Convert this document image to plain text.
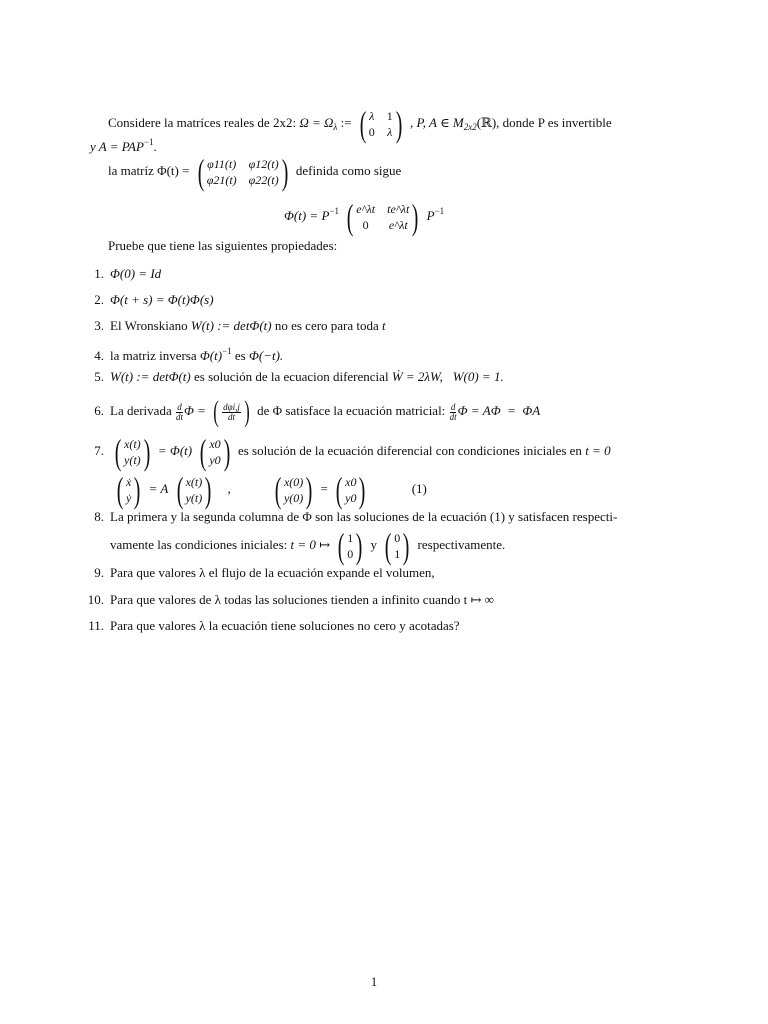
Considere la matríces reales de 2x2: $\Omega = \Omega_\lambda$ := ( λ 1
0 λ ) , P, A ∈ $M_{2x2}(ℝ)$, donde P es invertible
y $A = PAP^{-1}$.
la matríz Φ(t) = ( φ11(t) φ12(t)
φ21(t) φ22(t) ) definida como sigue
$\Phi(t) = P^{-1}$ ( e^λt te^λt
0	e^λt ) $P^{-1}$
Pruebe que tiene las siguientes propiedades:
1. Φ(0) = Id
2. Φ(t + s) = Φ(t)Φ(s)
3. El Wronskiano W(t) := detΦ(t) no es cero para toda t
4. la matriz inversa $\Phi(t)^{-1}$ es Φ(−t).
5. W(t) := detΦ(t) es solución de la ecuacion diferencial Ẇ = 2λW, W(0) = 1.
6. La derivada $\frac{d}{dt}$ Φ = ( $\frac{\text{dφi,j}}{dt}$ ) de Φ satisface la ecuación matricial: $\frac{d}{dt}$ Φ = AΦ  =  ΦA
7. ( x(t)
y(t) ) = Φ(t) ( x0
y0 ) es solución de la ecuación diferencial con condiciones iniciales en t = 0
( ẋ
ẏ ) = A ( x(t)
y(t) ) , ( x(0)
y(0) ) = ( x0
y0 )	(1)
8. La primera y la segunda columna de Φ son las soluciones de la ecuación (1) y satisfacen respecti-
vamente las condiciones iniciales: t = 0 ↦ ( 1
0 ) y ( 0
1 ) respectivamente.
9. Para que valores λ el flujo de la ecuación expande el volumen,
10. Para que valores de λ todas las soluciones tienden a infinito cuando t ↦ ∞
11. Para que valores λ la ecuación tiene soluciones no cero y acotadas?
1
